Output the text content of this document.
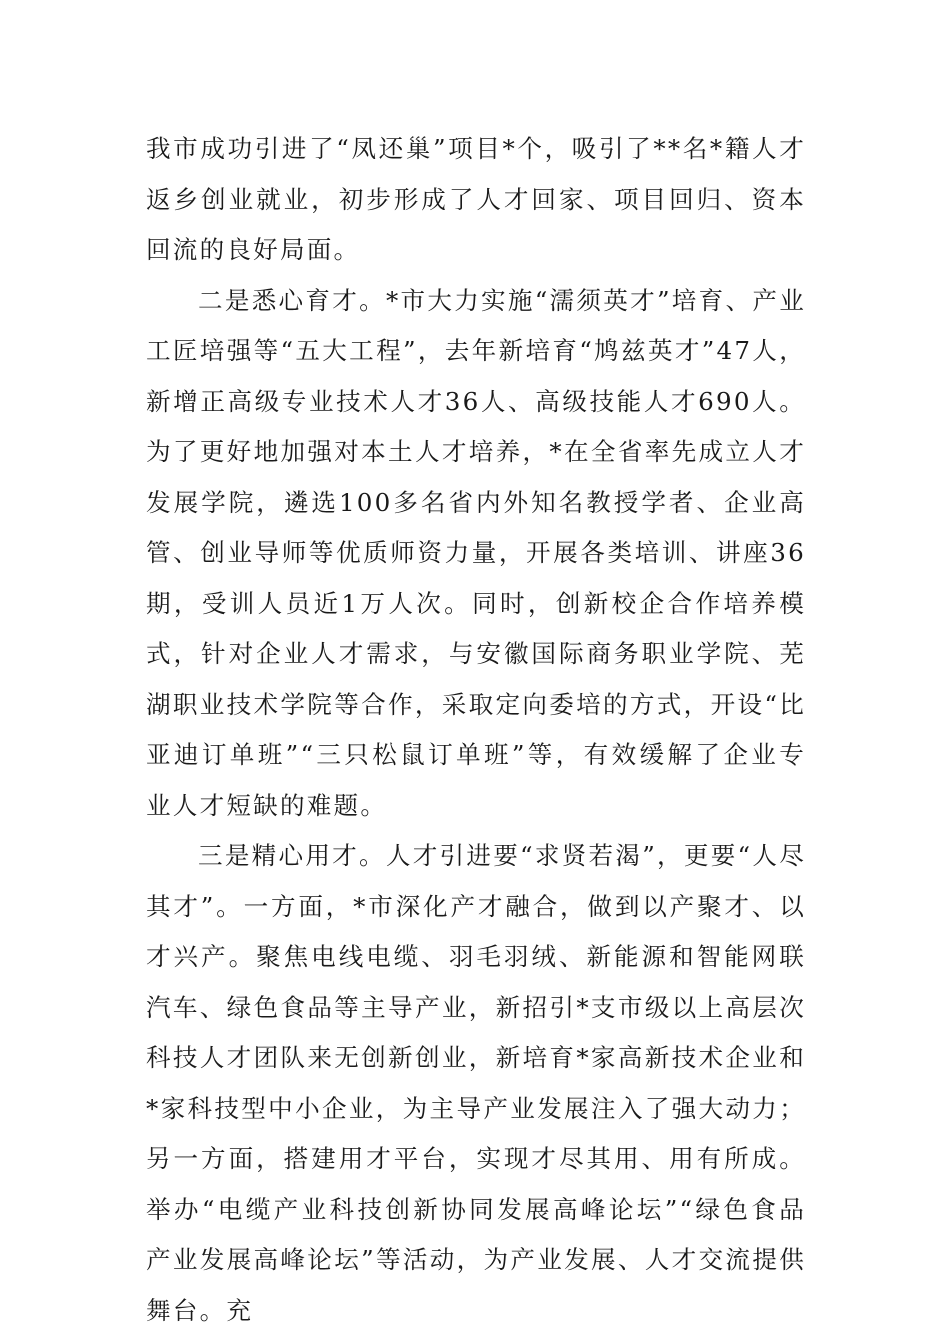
我市成功引进了“凤还巢”项目*个，吸引了**名*籍人才返乡创业就业，初步形成了人才回家、项目回归、资本回流的良好局面。

二是悉心育才。*市大力实施“濡须英才”培育、产业工匠培强等“五大工程”，去年新培育“鸠兹英才”47人，新增正高级专业技术人才36人、高级技能人才690人。为了更好地加强对本土人才培养，*在全省率先成立人才发展学院，遴选100多名省内外知名教授学者、企业高管、创业导师等优质师资力量，开展各类培训、讲座36期，受训人员近1万人次。同时，创新校企合作培养模式，针对企业人才需求，与安徽国际商务职业学院、芜湖职业技术学院等合作，采取定向委培的方式，开设“比亚迪订单班”“三只松鼠订单班”等，有效缓解了企业专业人才短缺的难题。

三是精心用才。人才引进要“求贤若渴”，更要“人尽其才”。一方面，*市深化产才融合，做到以产聚才、以才兴产。聚焦电线电缆、羽毛羽绒、新能源和智能网联汽车、绿色食品等主导产业，新招引*支市级以上高层次科技人才团队来无创新创业，新培育*家高新技术企业和*家科技型中小企业，为主导产业发展注入了强大动力；另一方面，搭建用才平台，实现才尽其用、用有所成。举办“电缆产业科技创新协同发展高峰论坛”“绿色食品产业发展高峰论坛”等活动，为产业发展、人才交流提供舞台。充
